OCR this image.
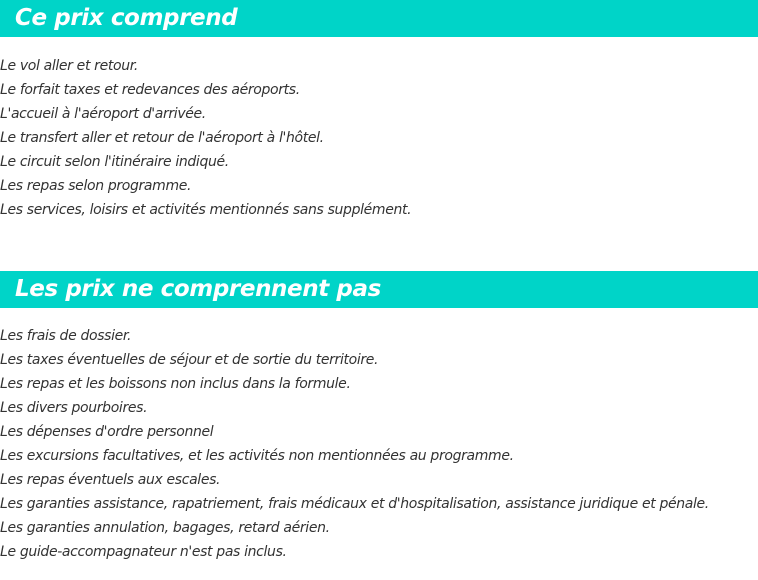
Ce prix comprend
Le vol aller et retour.
Le forfait taxes et redevances des aéroports.
L'accueil à l'aéroport d'arrivée.
Le transfert aller et retour de l'aéroport à l'hôtel.
Le circuit selon l'itinéraire indiqué.
Les repas selon programme.
Les services, loisirs et activités mentionnés sans supplément.
Les prix ne comprennent pas
Les frais de dossier.
Les taxes éventuelles de séjour et de sortie du territoire.
Les repas et les boissons non inclus dans la formule.
Les divers pourboires.
Les dépenses d'ordre personnel
Les excursions facultatives, et les activités non mentionnées au programme.
Les repas éventuels aux escales.
Les garanties assistance, rapatriement, frais médicaux et d'hospitalisation, assistance juridique et pénale.
Les garanties annulation, bagages, retard aérien.
Le guide-accompagnateur n'est pas inclus.
